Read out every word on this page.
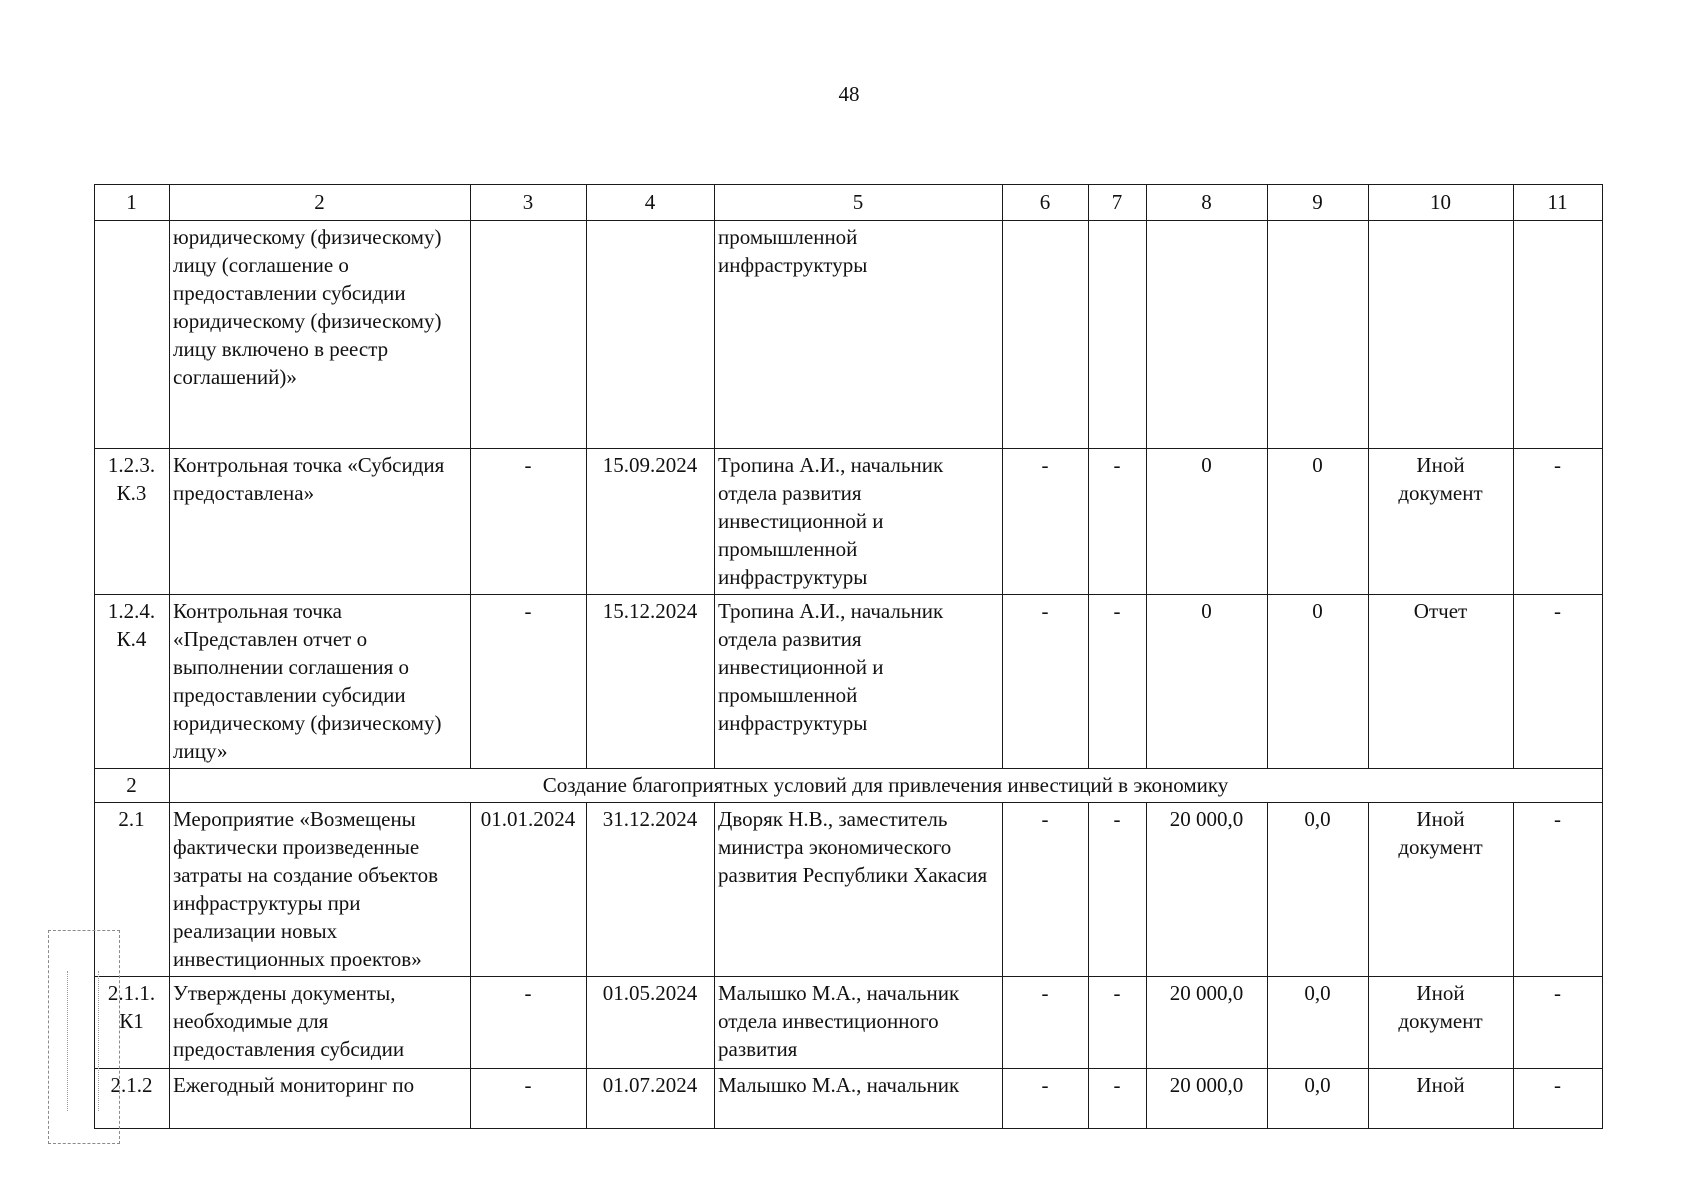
48
1	2	3	4	5	6	7	8	9	10	11
	юридическому (физическому) лицу (соглашение о предоставлении субсидии юридическому (физическому) лицу включено в реестр соглашений)»			промышленной инфраструктуры						
1.2.3. К.3	Контрольная точка «Субсидия предоставлена»	-	15.09.2024	Тропина А.И., начальник отдела развития инвестиционной и промышленной инфраструктуры	-	-	0	0	Иной документ	-
1.2.4. К.4	Контрольная точка «Представлен отчет о выполнении соглашения о предоставлении субсидии юридическому (физическому) лицу»	-	15.12.2024	Тропина А.И., начальник отдела развития инвестиционной и промышленной инфраструктуры	-	-	0	0	Отчет	-
2	Создание благоприятных условий для привлечения инвестиций в экономику									
2.1	Мероприятие «Возмещены фактически произведенные затраты на создание объектов инфраструктуры при реализации новых инвестиционных проектов»	01.01.2024	31.12.2024	Дворяк Н.В., заместитель министра экономического развития Республики Хакасия	-	-	20 000,0	0,0	Иной документ	-
2.1.1. К1	Утверждены документы, необходимые для предоставления субсидии	-	01.05.2024	Малышко М.А., начальник отдела инвестиционного развития	-	-	20 000,0	0,0	Иной документ	-
2.1.2	Ежегодный мониторинг по	-	01.07.2024	Малышко М.А., начальник	-	-	20 000,0	0,0	Иной	-
